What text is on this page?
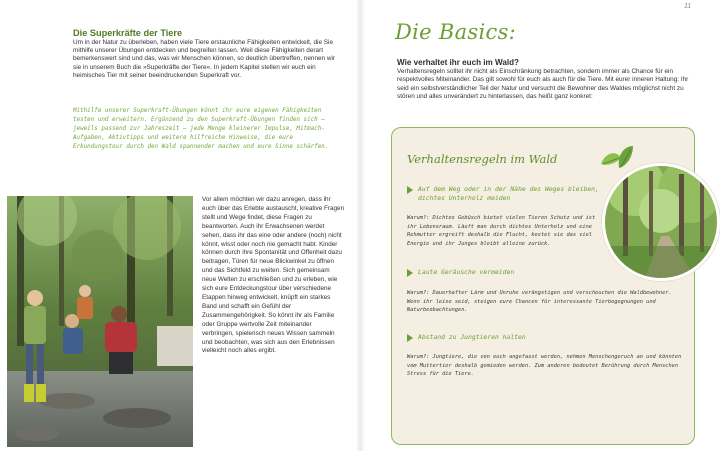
Die Superkräfte der Tiere

Um in der Natur zu überleben, haben viele Tiere erstaunliche Fähigkeiten entwickelt, die Sie mithilfe unserer Übungen entdecken und begreifen lassen. Weil diese Fähigkeiten derart bemerkenswert sind und das, was wir Menschen können, so deutlich übertreffen, nennen wir sie in unserem Buch die »Superkräfte der Tiere«. In jedem Kapitel stellen wir euch ein heimisches Tier mit seiner beeindruckenden Superkraft vor.

Mithilfe unserer Superkraft-Übungen könnt ihr eure eigenen Fähigkeiten testen und erweitern. Ergänzend zu den Superkraft-Übungen finden sich – jeweils passend zur Jahreszeit – jede Menge kleinerer Impulse, Mitmach-Aufgaben, Aktivtipps und weitere hilfreiche Hinweise, die eure Erkundungstour durch den Wald spannender machen und eure Sinne schärfen.

Vor allem möchten wir dazu anregen, dass ihr euch über das Erlebte austauscht, kreative Fragen stellt und Wege findet, diese Fragen zu beantworten. Auch ihr Erwachsenen werdet sehen, dass ihr das eine oder andere (noch) nicht könnt, wisst oder noch nie gemacht habt. Kinder können durch ihre Spontanität und Offenheit dazu beitragen, Türen für neue Blickwinkel zu öffnen und das Sichtfeld zu weiten. Sich gemeinsam neue Welten zu erschließen und zu erleben, wie sich eure Entdeckungstour über verschiedene Etappen hinweg entwickelt, knüpft ein starkes Band und schafft ein Gefühl der Zusammengehörigkeit. So könnt ihr als Familie oder Gruppe wertvolle Zeit miteinander verbringen, spielerisch neues Wissen sammeln und beobachten, was sich aus den Erlebnissen vielleicht noch alles ergibt.

11
Die Basics:
Wie verhaltet ihr euch im Wald?

Verhaltensregeln solltet ihr nicht als Einschränkung betrachten, sondern immer als Chance für ein respektvolles Miteinander. Das gilt sowohl für euch als auch für die Tiere. Mit eurer inneren Haltung: Ihr seid ein selbstverständlicher Teil der Natur und versucht die Bewohner des Waldes möglichst nicht zu stören und alles unverändert zu hinterlassen, das heißt ganz konkret:

Verhaltensregeln im Wald
Auf dem Weg oder in der Nähe des Weges bleiben, dichtes Unterholz meiden

Warum?: Dichtes Gebüsch bietet vielen Tieren Schutz und ist ihr Lebensraum. Läuft man durch dichtes Unterholz und eine Rehmutter ergreift deshalb die Flucht, kostet sie das viel Energie und ihr Junges bleibt alleine zurück.

Laute Geräusche vermeiden

Warum?: Dauerhafter Lärm und Unruhe verängstigen und verscheuchen die Waldbewohner. Wenn ihr leise seid, steigen eure Chancen für interessante Tierbegegnungen und Naturbeobachtungen.

Abstand zu Jungtieren halten

Warum?: Jungtiere, die von euch angefasst werden, nehmen Menschengeruch an und könnten vom Muttertier deshalb gemieden werden. Zum anderen bedeutet Berührung durch Menschen Stress für die Tiere.
